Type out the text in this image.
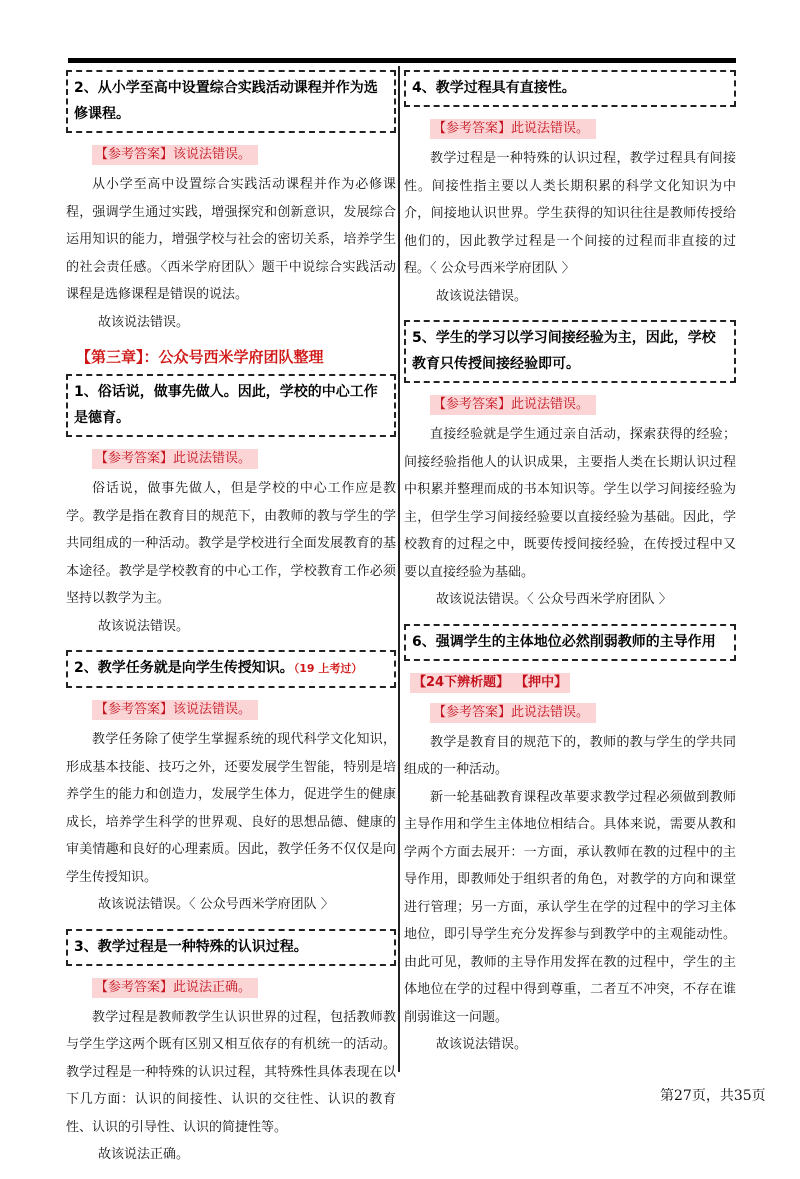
2、从小学至高中设置综合实践活动课程并作为选修课程。
【参考答案】该说法错误。

从小学至高中设置综合实践活动课程并作为必修课程，强调学生通过实践，增强探究和创新意识，发展综合运用知识的能力，增强学校与社会的密切关系，培养学生的社会责任感。〈西米学府团队〉题干中说综合实践活动课程是选修课程是错误的说法。

故该说法错误。

【第三章】：公众号西米学府团队整理
1、俗话说，做事先做人。因此，学校的中心工作是德育。
【参考答案】此说法错误。

俗话说，做事先做人，但是学校的中心工作应是教学。教学是指在教育目的规范下，由教师的教与学生的学共同组成的一种活动。教学是学校进行全面发展教育的基本途径。教学是学校教育的中心工作，学校教育工作必须坚持以教学为主。

故该说法错误。

2、教学任务就是向学生传授知识。（19 上考过）
【参考答案】该说法错误。

教学任务除了使学生掌握系统的现代科学文化知识，形成基本技能、技巧之外，还要发展学生智能，特别是培养学生的能力和创造力，发展学生体力，促进学生的健康成长，培养学生科学的世界观、良好的思想品德、健康的审美情趣和良好的心理素质。因此，教学任务不仅仅是向学生传授知识。

故该说法错误。〈 公众号西米学府团队 〉

3、教学过程是一种特殊的认识过程。
【参考答案】此说法正确。

教学过程是教师教学生认识世界的过程，包括教师教与学生学这两个既有区别又相互依存的有机统一的活动。教学过程是一种特殊的认识过程，其特殊性具体表现在以下几方面：认识的间接性、认识的交往性、认识的教育性、认识的引导性、认识的简捷性等。

故该说法正确。

4、教学过程具有直接性。
【参考答案】此说法错误。

教学过程是一种特殊的认识过程，教学过程具有间接性。间接性指主要以人类长期积累的科学文化知识为中介，间接地认识世界。学生获得的知识往往是教师传授给他们的，因此教学过程是一个间接的过程而非直接的过程。〈 公众号西米学府团队 〉

故该说法错误。

5、学生的学习以学习间接经验为主，因此，学校教育只传授间接经验即可。
【参考答案】此说法错误。

直接经验就是学生通过亲自活动，探索获得的经验；间接经验指他人的认识成果，主要指人类在长期认识过程中积累并整理而成的书本知识等。学生以学习间接经验为主，但学生学习间接经验要以直接经验为基础。因此，学校教育的过程之中，既要传授间接经验，在传授过程中又要以直接经验为基础。

故该说法错误。〈 公众号西米学府团队 〉

6、强调学生的主体地位必然削弱教师的主导作用
【24下辨析题】 【押中】
【参考答案】此说法错误。

教学是教育目的规范下的，教师的教与学生的学共同组成的一种活动。

新一轮基础教育课程改革要求教学过程必须做到教师主导作用和学生主体地位相结合。具体来说，需要从教和学两个方面去展开：一方面，承认教师在教的过程中的主导作用，即教师处于组织者的角色，对教学的方向和课堂进行管理；另一方面，承认学生在学的过程中的学习主体地位，即引导学生充分发挥参与到教学中的主观能动性。由此可见，教师的主导作用发挥在教的过程中，学生的主体地位在学的过程中得到尊重，二者互不冲突，不存在谁削弱谁这一问题。

故该说法错误。

第27页，共35页
